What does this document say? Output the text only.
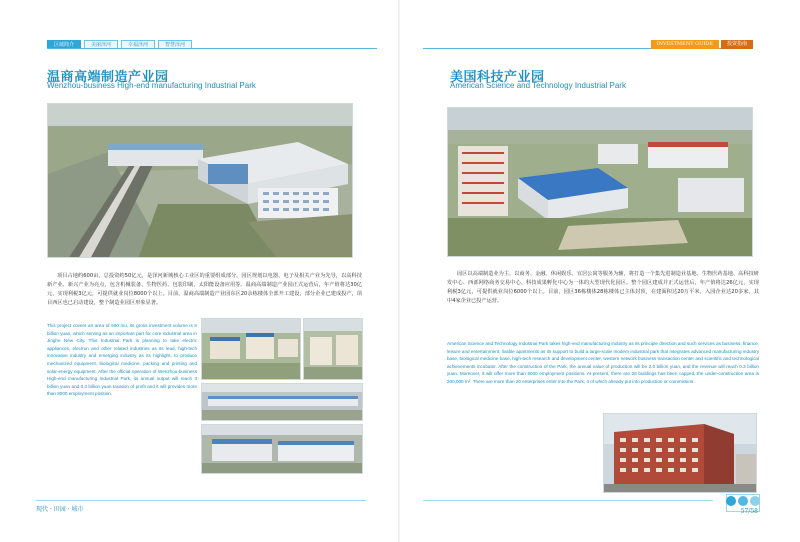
区域简介	美丽泽河	幸福泽河	智慧泽河
温商高端制造产业园
Wenzhou-business High-end manufacturing Industrial Park
项目占地约600亩，总投资约50亿元，是泽河新城核心工业区的重要组成部分。园区规划以电器、电子及相关产业为先导，以高科技新产业、新兴产业为亮点，包含机械装备、生物医药、包装印刷、太阳能设备应用等。温商高端制造产业园正式运营后，年产值将达30亿元，实现利税3亿元，可提供就业岗位8000个以上。目前，温商高端制造产业园东区20余栋楼体全部开工建设，部分企业已建成投产，项目西区也已启动建设，整个制造业园区形象显著。
This project covers an area of 600 mu, its gross investment volume is 5 billion yuan, which serving as an important part for core industrial area in Jinghe New City. This Industrial Park is planning to take electric appliances, electron and other related industries as its lead, high-tech innovative industry and emerging industry as its highlight, to produce mechanized equipment, biological medicine, packing and printing and solar-energy equipment. After the official operation of Wenzhou-business High-end manufacturing Industrial Park, its annual output will reach 3 billion yuan and 0.3 billion yuan taxation of profit and it will provides more than 8000 employment position.
现代 · 田园 · 城市
INVESTMENT GUIDE	投资指南
美国科技产业园
American Science and Technology Industrial Park
园区以高端制造业为主，以商务、金融、休闲娱乐、宜居公寓等服务为辅，将打造一个集先进制造业基地、生物医药基地、高科技研发中心、西部网络商务交易中心、科技成果孵化中心为一体的大型现代化园区。整个园区建成并正式运营后，年产值将达26亿元，实现利税3亿元，可提供就业岗位6000个以上。目前，园区36栋楼体28栋楼体已主体封顶，在建面积达20万平米，入园企业达20多家，其中4家企业已投产运营。
American Science and Technology Industrial Park takes high-end manufacturing industry as its principle direction and such services as business, finance, leisure and entertainment, livable apartments as its support to build a large-scale modern industrial park that integrates advanced manufacturing industry base, biological medicine base, high-tech research and development center, western network business transaction center and scientific and technological achievements incubator. After the construction of the Park, the annual value of production will be 2.6 billion yuan, and the revenue will reach 0.3 billion yuan. Moreover, it will offer more than 6000 employment positions. At present, there are 28 buildings has been capped, the under-construction area is 200,000 m². There are more than 20 enterprises enter into the Park, 4 of which already put into production or commission.
57/58
